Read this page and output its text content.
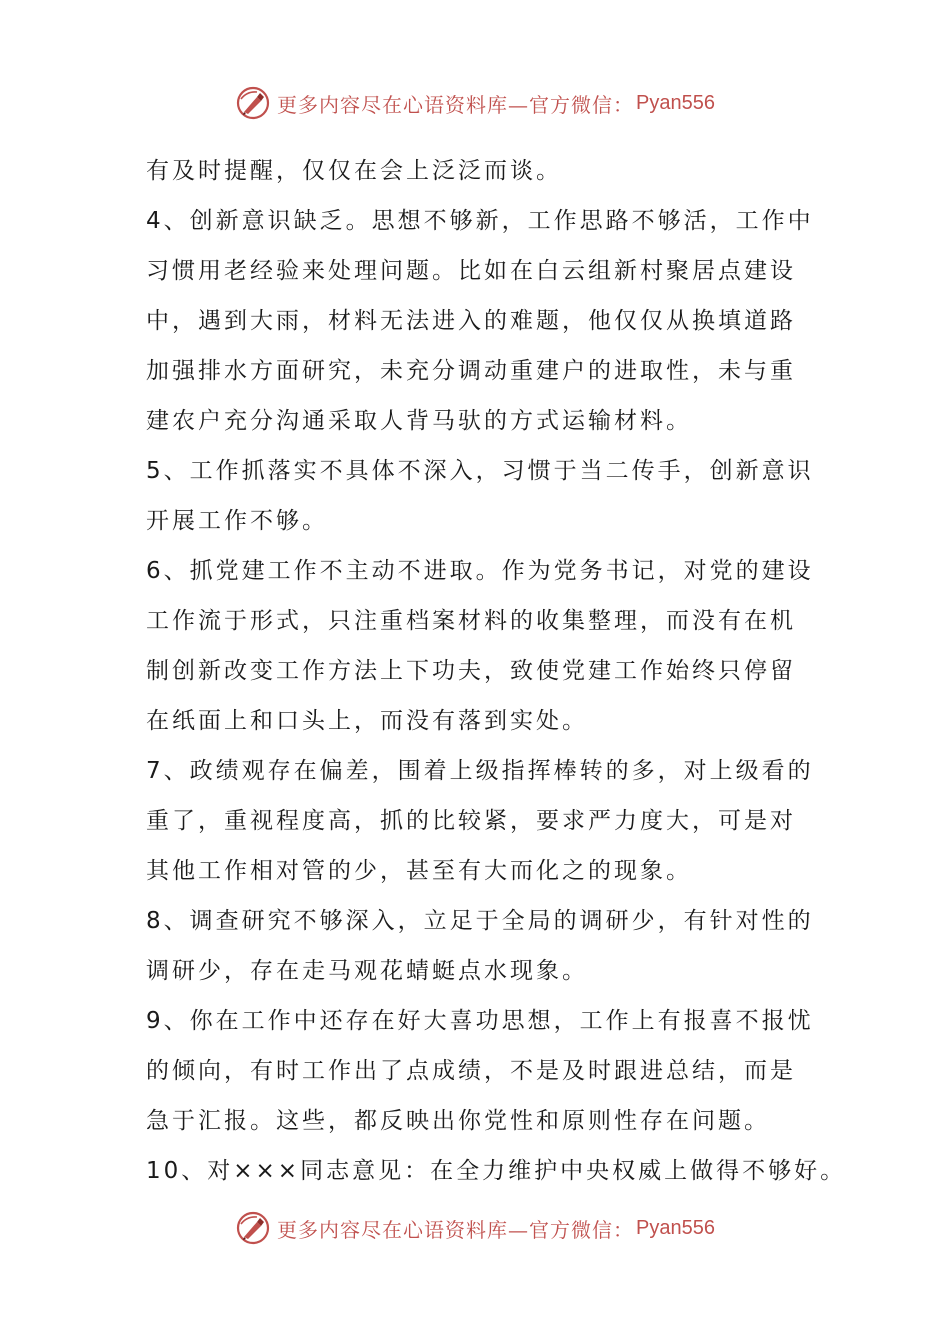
更多内容尽在心语资料库—官方微信： Pyan556
有及时提醒，仅仅在会上泛泛而谈。
4、创新意识缺乏。思想不够新，工作思路不够活，工作中
习惯用老经验来处理问题。比如在白云组新村聚居点建设
中，遇到大雨，材料无法进入的难题，他仅仅从换填道路
加强排水方面研究，未充分调动重建户的进取性，未与重
建农户充分沟通采取人背马驮的方式运输材料。
5、工作抓落实不具体不深入，习惯于当二传手，创新意识
开展工作不够。
6、抓党建工作不主动不进取。作为党务书记，对党的建设
工作流于形式，只注重档案材料的收集整理，而没有在机
制创新改变工作方法上下功夫，致使党建工作始终只停留
在纸面上和口头上，而没有落到实处。
7、政绩观存在偏差，围着上级指挥棒转的多，对上级看的
重了，重视程度高，抓的比较紧，要求严力度大，可是对
其他工作相对管的少，甚至有大而化之的现象。
8、调查研究不够深入，立足于全局的调研少，有针对性的
调研少，存在走马观花蜻蜓点水现象。
9、你在工作中还存在好大喜功思想，工作上有报喜不报忧
的倾向，有时工作出了点成绩，不是及时跟进总结，而是
急于汇报。这些，都反映出你党性和原则性存在问题。
10、对×××同志意见：在全力维护中央权威上做得不够好。
更多内容尽在心语资料库—官方微信： Pyan556
